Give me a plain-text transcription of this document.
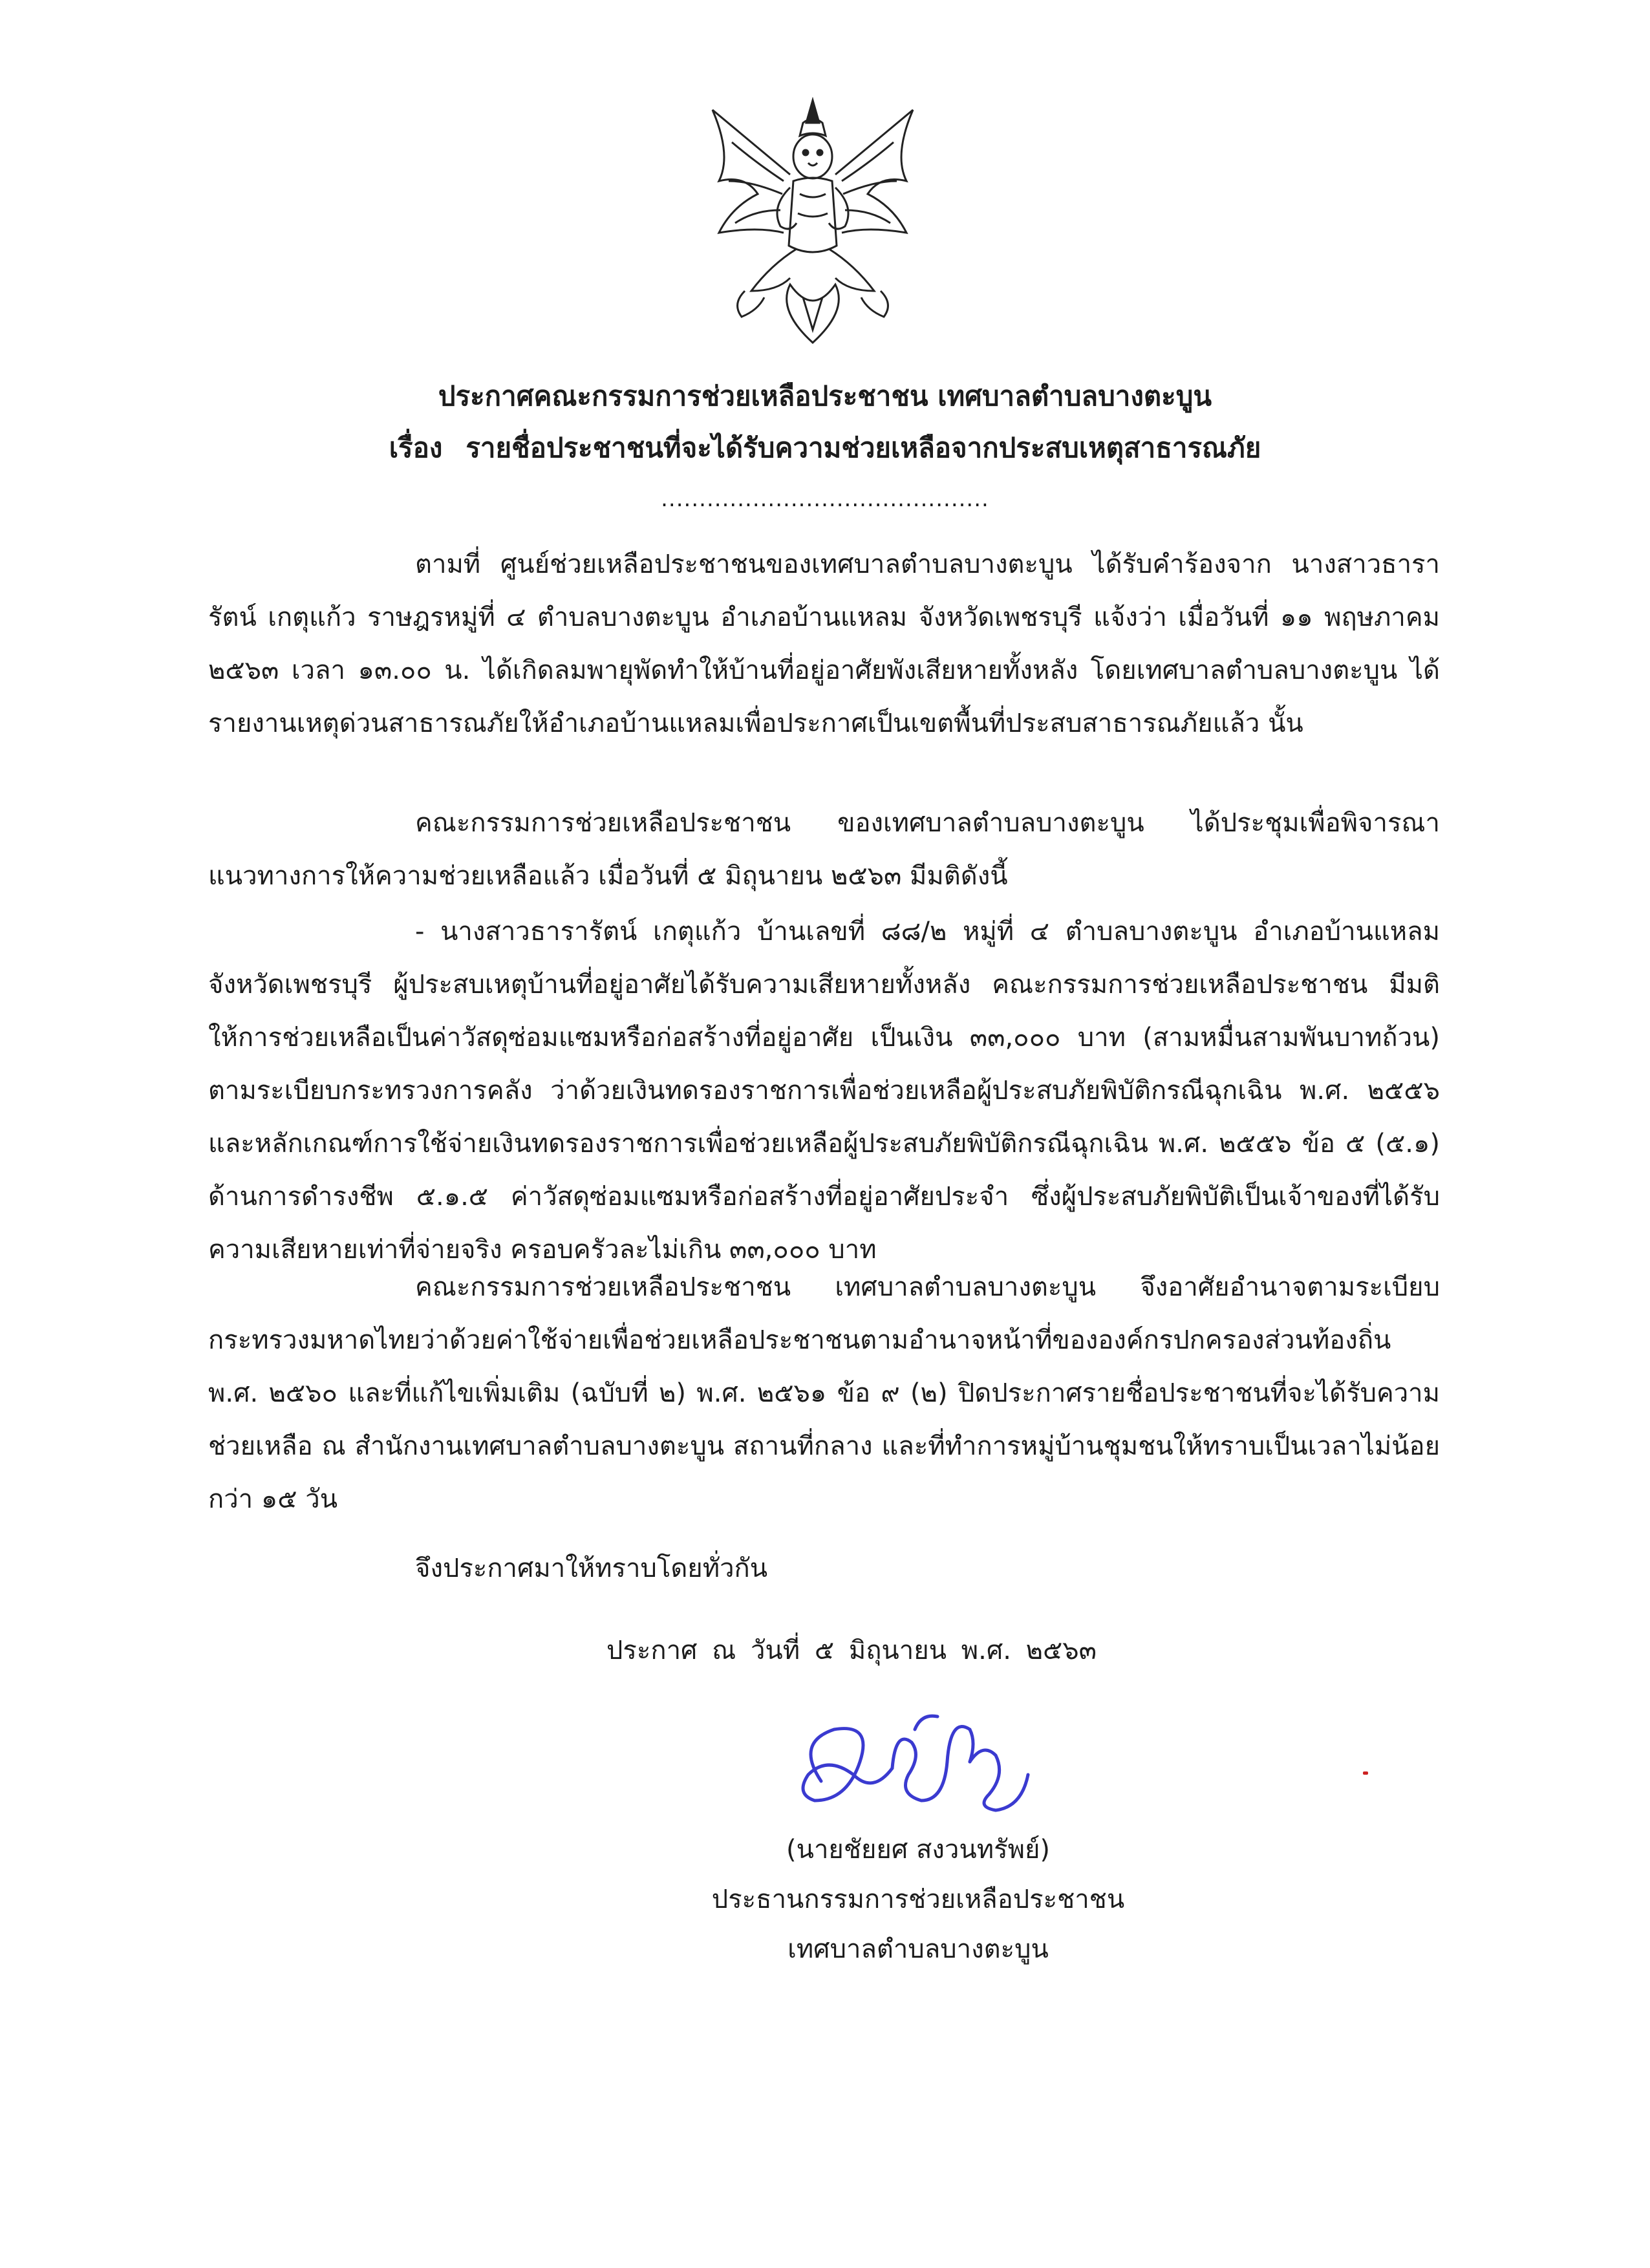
ประกาศคณะกรรมการช่วยเหลือประชาชน เทศบาลตำบลบางตะบูน
เรื่อง รายชื่อประชาชนที่จะได้รับความช่วยเหลือจากประสบเหตุสาธารณภัย
...........................................

ตามที่ ศูนย์ช่วยเหลือประชาชนของเทศบาลตำบลบางตะบูน ได้รับคำร้องจาก นางสาวธารารัตน์ เกตุแก้ว ราษฎรหมู่ที่ ๔ ตำบลบางตะบูน อำเภอบ้านแหลม จังหวัดเพชรบุรี แจ้งว่า เมื่อวันที่ ๑๑ พฤษภาคม ๒๕๖๓ เวลา ๑๓.๐๐ น. ได้เกิดลมพายุพัดทำให้บ้านที่อยู่อาศัยพังเสียหายทั้งหลัง โดยเทศบาลตำบลบางตะบูน ได้รายงานเหตุด่วนสาธารณภัยให้อำเภอบ้านแหลมเพื่อประกาศเป็นเขตพื้นที่ประสบสาธารณภัยแล้ว นั้น

คณะกรรมการช่วยเหลือประชาชน ของเทศบาลตำบลบางตะบูน ได้ประชุมเพื่อพิจารณาแนวทางการให้ความช่วยเหลือแล้ว เมื่อวันที่ ๕ มิถุนายน ๒๕๖๓ มีมติดังนี้

- นางสาวธารารัตน์ เกตุแก้ว บ้านเลขที่ ๘๘/๒ หมู่ที่ ๔ ตำบลบางตะบูน อำเภอบ้านแหลม จังหวัดเพชรบุรี ผู้ประสบเหตุบ้านที่อยู่อาศัยได้รับความเสียหายทั้งหลัง คณะกรรมการช่วยเหลือประชาชน มีมติให้การช่วยเหลือเป็นค่าวัสดุซ่อมแซมหรือก่อสร้างที่อยู่อาศัย เป็นเงิน ๓๓,๐๐๐ บาท (สามหมื่นสามพันบาทถ้วน) ตามระเบียบกระทรวงการคลัง ว่าด้วยเงินทดรองราชการเพื่อช่วยเหลือผู้ประสบภัยพิบัติกรณีฉุกเฉิน พ.ศ. ๒๕๕๖ และหลักเกณฑ์การใช้จ่ายเงินทดรองราชการเพื่อช่วยเหลือผู้ประสบภัยพิบัติกรณีฉุกเฉิน พ.ศ. ๒๕๕๖ ข้อ ๕ (๕.๑) ด้านการดำรงชีพ ๕.๑.๕ ค่าวัสดุซ่อมแซมหรือก่อสร้างที่อยู่อาศัยประจำ ซึ่งผู้ประสบภัยพิบัติเป็นเจ้าของที่ได้รับความเสียหายเท่าที่จ่ายจริง ครอบครัวละไม่เกิน ๓๓,๐๐๐ บาท

คณะกรรมการช่วยเหลือประชาชน เทศบาลตำบลบางตะบูน จึงอาศัยอำนาจตามระเบียบกระทรวงมหาดไทยว่าด้วยค่าใช้จ่ายเพื่อช่วยเหลือประชาชนตามอำนาจหน้าที่ขององค์กรปกครองส่วนท้องถิ่น พ.ศ. ๒๕๖๐ และที่แก้ไขเพิ่มเติม (ฉบับที่ ๒) พ.ศ. ๒๕๖๑ ข้อ ๙ (๒) ปิดประกาศรายชื่อประชาชนที่จะได้รับความช่วยเหลือ ณ สำนักงานเทศบาลตำบลบางตะบูน สถานที่กลาง และที่ทำการหมู่บ้านชุมชนให้ทราบเป็นเวลาไม่น้อยกว่า ๑๕ วัน

จึงประกาศมาให้ทราบโดยทั่วกัน

ประกาศ ณ วันที่ ๕ มิถุนายน พ.ศ. ๒๕๖๓
(นายชัยยศ สงวนทรัพย์)
ประธานกรรมการช่วยเหลือประชาชน
เทศบาลตำบลบางตะบูน
